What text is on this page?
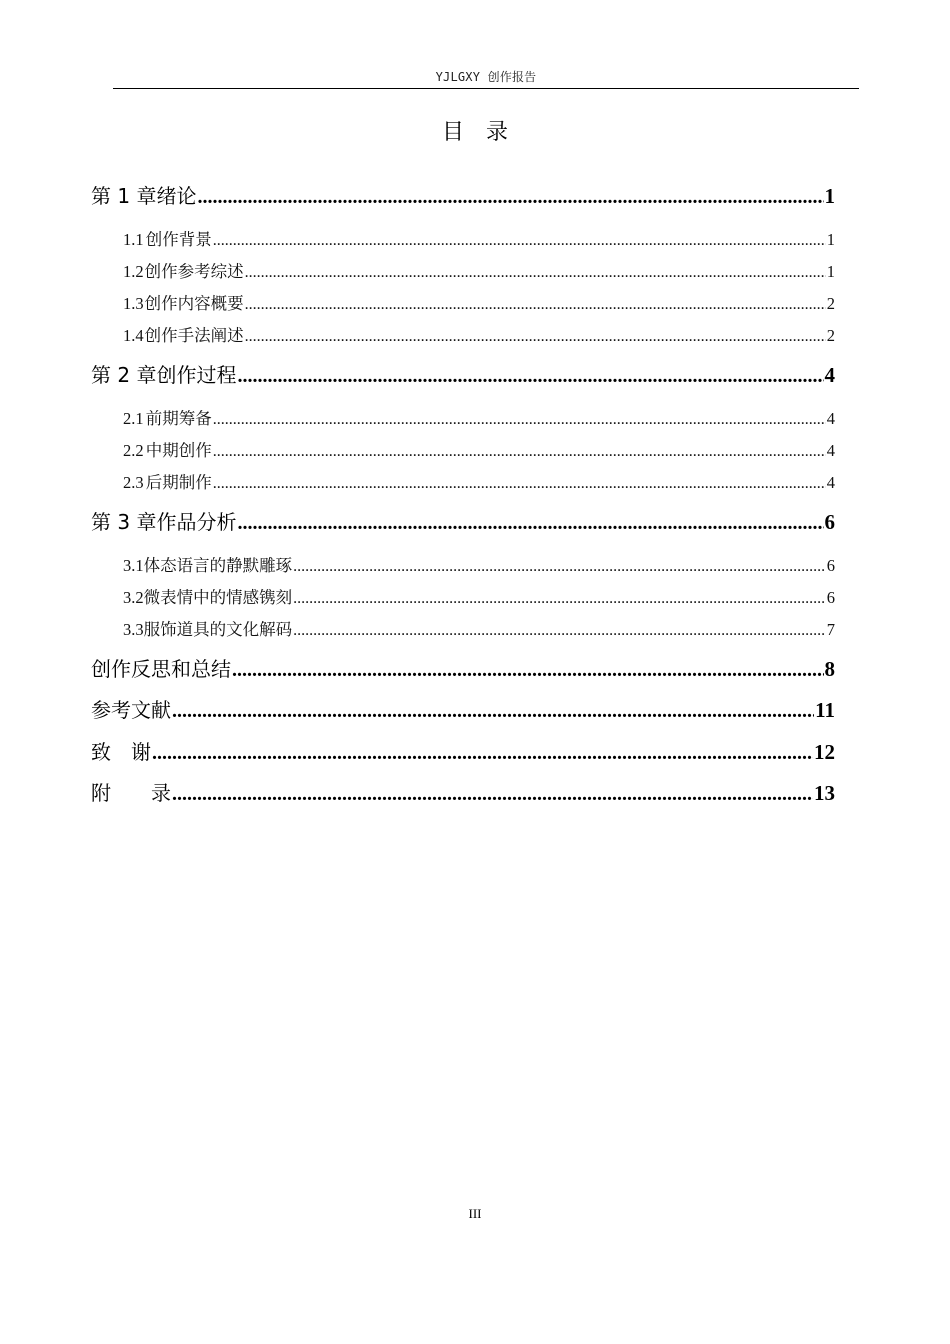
YJLGXY 创作报告
目　录
第 1 章 绪论 .....	1
1.1 创作背景 .....	1
1.2 创作参考综述 .....	1
1.3 创作内容概要 .....	2
1.4 创作手法阐述 .....	2
第 2 章 创作过程 .....	4
2.1 前期筹备 .....	4
2.2 中期创作 .....	4
2.3 后期制作 .....	4
第 3 章 作品分析 .....	6
3.1 体态语言的静默雕琢 .....	6
3.2 微表情中的情感镌刻 .....	6
3.3 服饰道具的文化解码 .....	7
创作反思和总结 .....	8
参考文献 .....	11
致　谢 .....	12
附　　录 .....	13
III
